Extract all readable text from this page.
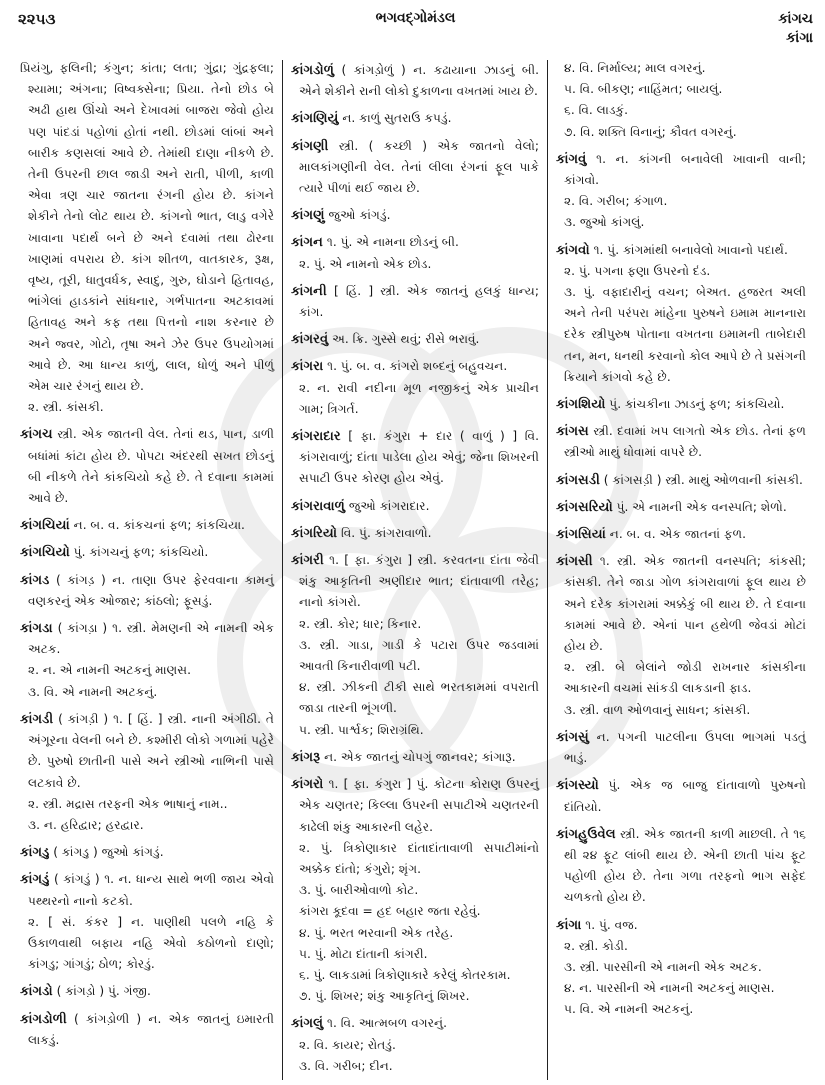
૨૨૫૩	ભગવદ્ગોમંડલ	કાંગચ
કાંગા
પ્રિયંગુ, ફલિની; કંગુન; કાંતા; લતા; ગુંદ્રા; ગુંદ્રફલા; શ્યામા; અંગના; વિષ્વક્સેના; પ્રિયા. તેનો છોડ બે અઢી હાથ ઊંચો અને દેખાવમાં બાજરા જેવો હોય પણ પાંદડાં પહોળાં હોતાં નથી. છોડમાં લાંબાં અને બારીક કણસલાં આવે છે. તેમાંથી દાણા નીકળે છે. તેની ઉપરની છાલ જાડી અને રાતી, પીળી, કાળી એવા ત્રણ ચાર જાતના રંગની હોય છે. કાંગને શેકીને તેનો લોટ થાય છે. કાંગનો ભાત, લાડુ વગેરે ખાવાના પદાર્થ બને છે અને દવામાં તથા ઢોરના ખાણમાં વપરાય છે. કાંગ શીતળ, વાતકારક, રૂક્ષ, વૃષ્ય, તૂરી, ધાતુવર્ધક, સ્વાદુ, ગુરુ, ઘોડાને હિતાવહ, ભાંગેલાં હાડકાંને સાંધનાર, ગર્ભપાતના અટકાવમાં હિતાવહ અને કફ તથા પિત્તનો નાશ કરનાર છે અને જ્વર, ગોટો, તૃષા અને ઝેર ઉપર ઉપયોગમાં આવે છે. આ ધાન્ય કાળું, લાલ, ધોળું અને પીળું એમ ચાર રંગનું થાય છે.
૨. સ્ત્રી. કાંસકી.
કાંગચ સ્ત્રી. એક જાતની વેલ. તેનાં થડ, પાન, ડાળી બધાંમાં કાંટા હોય છે. પોપટા અંદરથી સખત છોડનું બી નીકળે તેને કાંકચિયો કહે છે. તે દવાના કામમાં આવે છે.
કાંગચિયાં ન. બ. વ. કાંકચનાં ફળ; કાંકચિયા.
કાંગચિયો પું. કાંગચનું ફળ; કાંકચિયો.
કાંગડ ( કાંગડ઼ ) ન. તાણા ઉપર ફેરવવાના કામનું વણકરનું એક ઓજાર; કાંઠલો; ફૂસડું.
કાંગડા ( કાંગડ઼ા ) ૧. સ્ત્રી. મેમણની એ નામની એક અટક.
૨. ન. એ નામની અટકનું માણસ.
૩. વિ. એ નામની અટકનું.
કાંગડી ( કાંગડ઼ી ) ૧. [ હિં. ] સ્ત્રી. નાની અંગીઠી. તે અંગૂરના વેલની બને છે. કશ્મીરી લોકો ગળામાં પહેરે છે. પુરુષો છાતીની પાસે અને સ્ત્રીઓ નાભિની પાસે લટકાવે છે.
૨. સ્ત્રી. મદ્રાસ તરફની એક ભાષાનું નામ..
૩. ન. હરિદ્વાર; હરદ્વાર.
કાંગડુ ( કાંગડ઼ુ ) જુઓ કાંગડું.
કાંગડું ( કાંગડ઼ું ) ૧. ન. ધાન્ય સાથે ભળી જાય એવો પથ્થરનો નાનો કટકો.
૨. [ સં. કંકર ] ન. પાણીથી પલળે નહિ કે ઉકાળવાથી બફાય નહિ એવો કઠોળનો દાણો; કાંગડુ; ગાંગડું; ઠોળ; કોરડું.
કાંગડો ( કાંગડ઼ો ) પું. ગંજી.
કાંગડોળી ( કાંગડ઼ોળી ) ન. એક જાતનું ઇમારતી લાકડું.
કાંગડોળું ( કાંગડ઼ોળું ) ન. કઢાયાના ઝાડનું બી. એને શેકીને રાની લોકો દુકાળના વખતમાં ખાય છે.
કાંગણિયું ન. કાળું સુતરાઉ કપડું.
કાંગણી સ્ત્રી. ( કચ્છી ) એક જાતનો વેલો; માલકાંગણીની વેલ. તેનાં લીલા રંગનાં ફૂલ પાકે ત્યારે પીળાં થઈ જાય છે.
કાંગણું જુઓ કાંગડું.
કાંગન ૧. પું. એ નામના છોડનું બી.
૨. પું. એ નામનો એક છોડ.
કાંગની [ હિં. ] સ્ત્રી. એક જાતનું હલકું ધાન્ય; કાંગ.
કાંગરવું અ. ક્રિ. ગુસ્સે થવું; રીસે ભરાવું.
કાંગરા ૧. પું. બ. વ. કાંગરો શબ્દનું બહુવચન.
૨. ન. રાવી નદીના મૂળ નજીકનું એક પ્રાચીન ગામ; ત્રિગર્ત.
કાંગરાદાર [ ફા. કંગુરા + દાર ( વાળું ) ] વિ. કાંગરાવાળું; દાંતા પાડેલા હોય એવું; જેના શિખરની સપાટી ઉપર કોરણ હોય એવું.
કાંગરાવાળું જુઓ કાંગરાદાર.
કાંગરિયો વિ. પું. કાંગરાવાળો.
કાંગરી ૧. [ ફા. કંગુરા ] સ્ત્રી. કરવતના દાંતા જેવી શંકુ આકૃતિની અણીદાર ભાત; દાંતાવાળી તરેહ; નાનો કાંગરો.
૨. સ્ત્રી. કોર; ધાર; કિનાર.
૩. સ્ત્રી. ગાડા, ગાડી કે પટારા ઉપર જડવામાં આવતી કિનારીવાળી પટી.
૪. સ્ત્રી. ઝીકની ટીકી સાથે ભરતકામમાં વપરાતી જાડા તારની ભૂંગળી.
૫. સ્ત્રી. પાર્શ્વક; શિરાગ્રંથિ.
કાંગરૂ ન. એક જાતનું ચોપગું જાનવર; કાંગારૂ.
કાંગરો ૧. [ ફા. કંગુરા ] પું. કોટના કોરાણ ઉપરનું એક ચણતર; કિલ્લા ઉપરની સપાટીએ ચણતરની કાઢેલી શંકુ આકારની લહેર.
૨. પું. ત્રિકોણાકાર દાંતાદાંતાવાળી સપાટીમાંનો અક્કેક દાંતો; કંગુરો; શૃંગ.
૩. પું. બારીઓવાળો કોટ.
કાંગરા કૂદવા = હદ બહાર જતા રહેવું.
૪. પું. ભરત ભરવાની એક તરેહ.
૫. પું. મોટા દાંતાની કાંગરી.
૬. પું. લાકડામાં ત્રિકોણાકારે કરેલું કોતરકામ.
૭. પું. શિખર; શંકુ આકૃતિનું શિખર.
કાંગલું ૧. વિ. આત્મબળ વગરનું.
૨. વિ. કાયર; રોતડું.
૩. વિ. ગરીબ; દીન.
૪. વિ. નિર્માલ્ય; માલ વગરનું.
૫. વિ. બીકણ; નાહિંમત; બાયલું.
૬. વિ. લાડકું.
૭. વિ. શક્તિ વિનાનું; કૌવત વગરનું.
કાંગવું ૧. ન. કાંગની બનાવેલી ખાવાની વાની; કાંગવો.
૨. વિ. ગરીબ; કંગાળ.
૩. જુઓ કાંગલું.
કાંગવો ૧. પું. કાંગમાંથી બનાવેલો ખાવાનો પદાર્થ.
૨. પું. પગના ફણા ઉપરનો દંડ.
૩. પું. વફાદારીનું વચન; બેઅત. હજરત અલી અને તેની પરંપરા માંહેના પુરુષને ઇમામ માનનારા દરેક સ્ત્રીપુરુષ પોતાના વખતના ઇમામની તાબેદારી તન, મન, ધનથી કરવાનો કોલ આપે છે તે પ્રસંગની ક્રિયાને કાંગવો કહે છે.
કાંગશિયો પું. કાંચકીના ઝાડનું ફળ; કાંકચિયો.
કાંગસ સ્ત્રી. દવામાં ખપ લાગતો એક છોડ. તેનાં ફળ સ્ત્રીઓ માથું ધોવામાં વાપરે છે.
કાંગસડી ( કાંગસડ઼ી ) સ્ત્રી. માથું ઓળવાની કાંસકી.
કાંગસરિયો પું. એ નામની એક વનસ્પતિ; શેળો.
કાંગસિયાં ન. બ. વ. એક જાતનાં ફળ.
કાંગસી ૧. સ્ત્રી. એક જાતની વનસ્પતિ; કાંકસી; કાંસકી. તેને જાડા ગોળ કાંગરાવાળાં ફૂલ થાય છે અને દરેક કાંગરામાં અક્કેકું બી થાય છે. તે દવાના કામમાં આવે છે. એનાં પાન હથેળી જેવડાં મોટાં હોય છે.
૨. સ્ત્રી. બે બેલાંને જોડી રાખનાર કાંસકીના આકારની વચમાં સાંકડી લાકડાની ફાડ.
૩. સ્ત્રી. વાળ ઓળવાનું સાધન; કાંસકી.
કાંગસું ન. પગની પાટલીના ઉપલા ભાગમાં પડતું ભાડું.
કાંગસ્યો પું. એક જ બાજુ દાંતાવાળો પુરુષનો દાંતિયો.
કાંગહુઉવેલ સ્ત્રી. એક જાતની કાળી માછલી. તે ૧૬ થી ૨૪ ફૂટ લાંબી થાય છે. એની છાતી પાંચ ફૂટ પહોળી હોય છે. તેના ગળા તરફનો ભાગ સફેદ ચળકતો હોય છે.
કાંગા ૧. પું. વજ.
૨. સ્ત્રી. કોડી.
૩. સ્ત્રી. પારસીની એ નામની એક અટક.
૪. ન. પારસીની એ નામની અટકનું માણસ.
૫. વિ. એ નામની અટકનું.
